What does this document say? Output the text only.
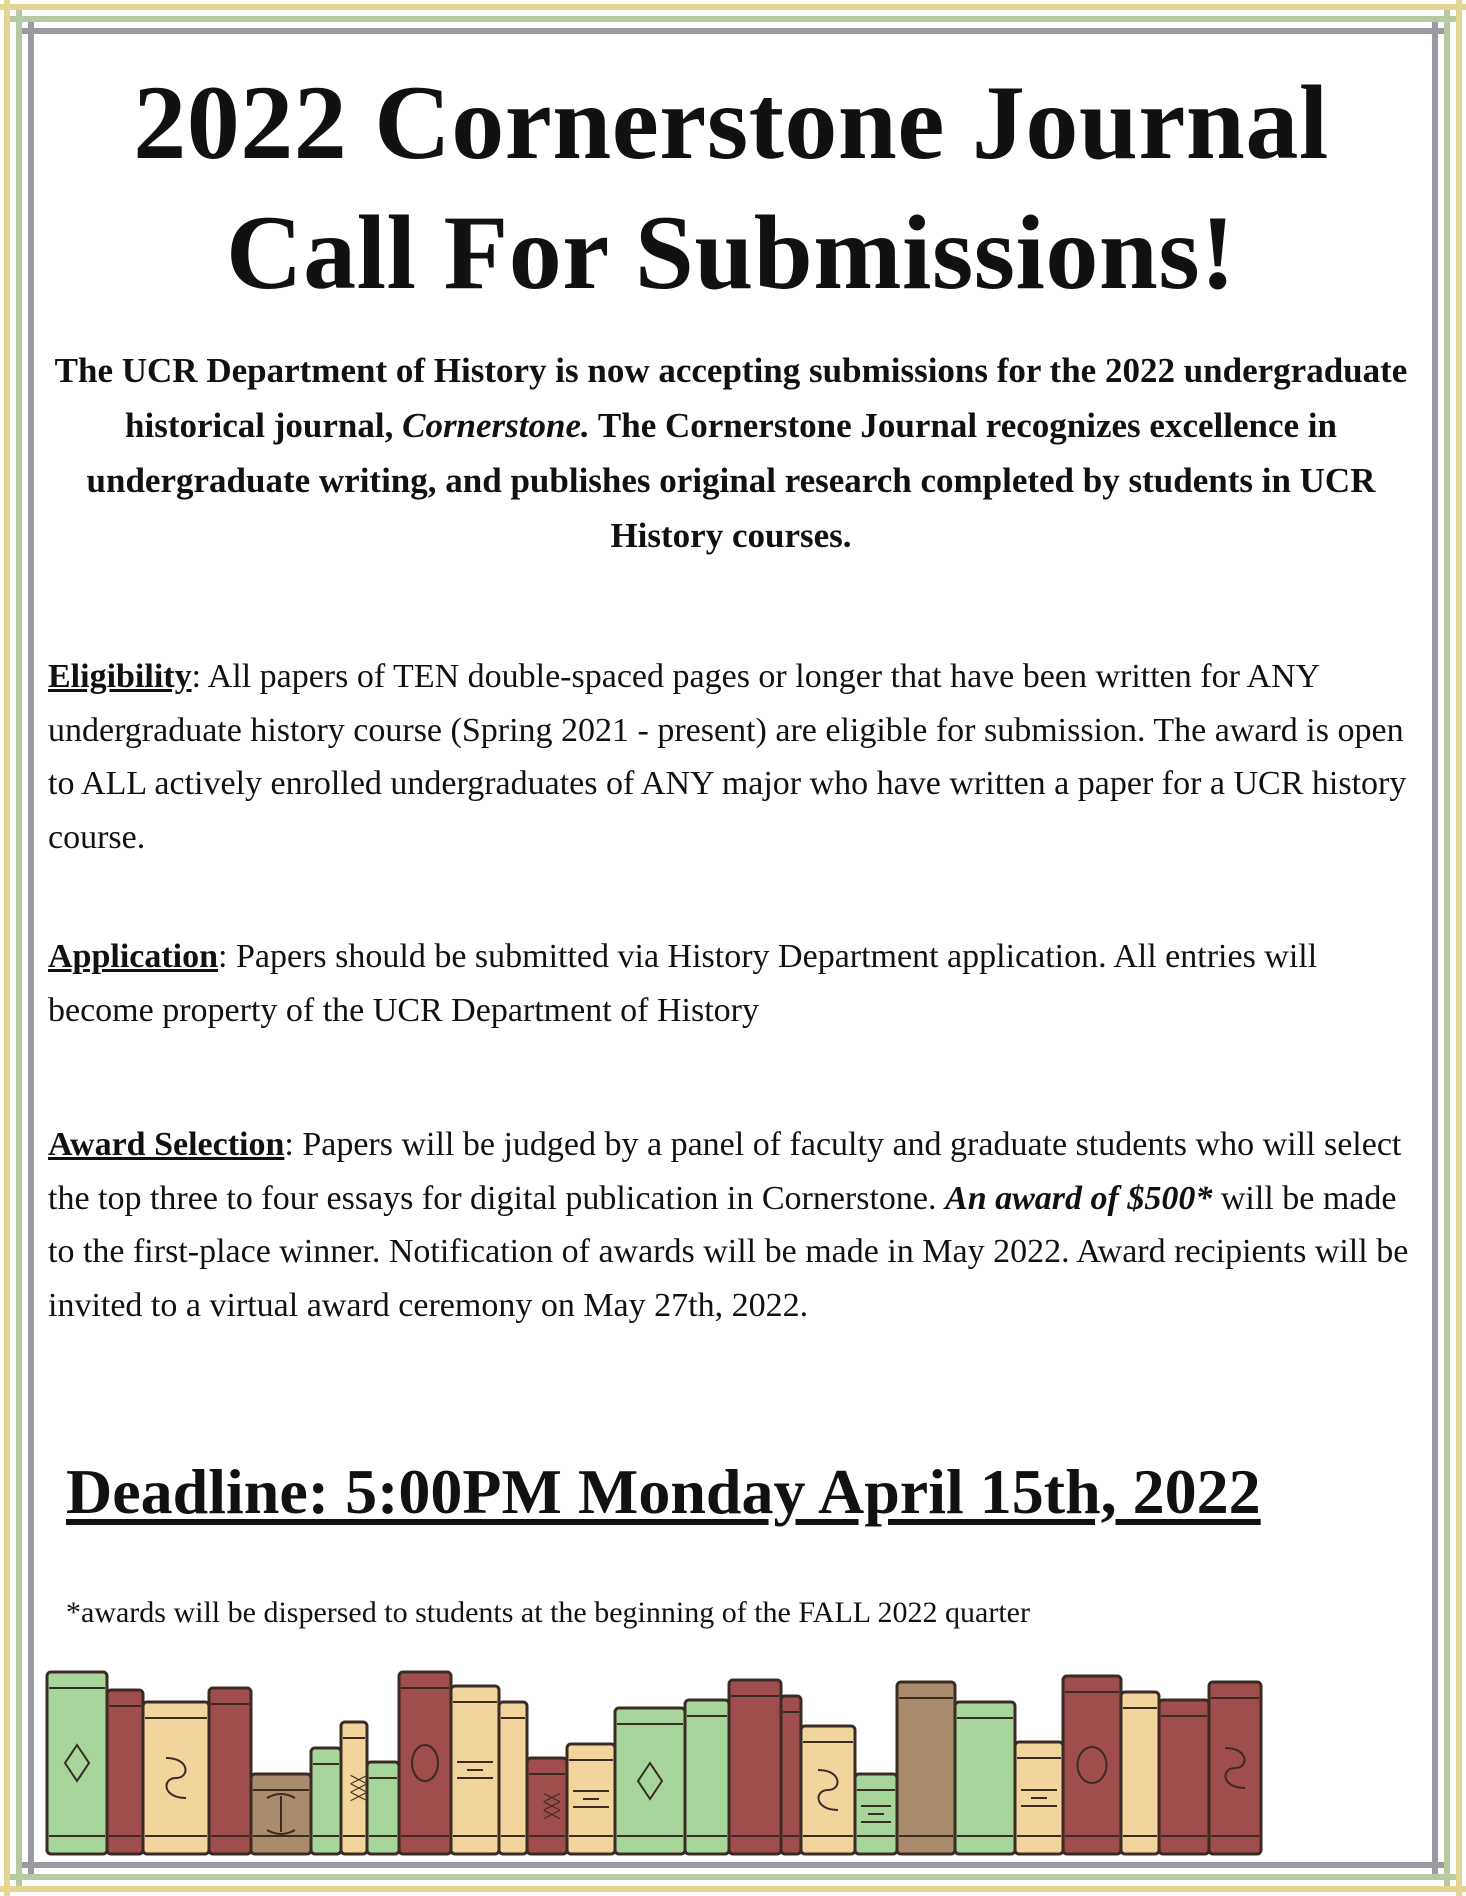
2022 Cornerstone Journal
Call For Submissions!

The UCR Department of History is now accepting submissions for the 2022 undergraduate historical journal, Cornerstone. The Cornerstone Journal recognizes excellence in undergraduate writing, and publishes original research completed by students in UCR History courses.

Eligibility: All papers of TEN double-spaced pages or longer that have been written for ANY undergraduate history course (Spring 2021 - present) are eligible for submission. The award is open to ALL actively enrolled undergraduates of ANY major who have written a paper for a UCR history course.

Application: Papers should be submitted via History Department application. All entries will become property of the UCR Department of History

Award Selection: Papers will be judged by a panel of faculty and graduate students who will select the top three to four essays for digital publication in Cornerstone. An award of $500* will be made to the first-place winner. Notification of awards will be made in May 2022. Award recipients will be invited to a virtual award ceremony on May 27th, 2022.

Deadline: 5:00PM Monday April 15th, 2022

*awards will be dispersed to students at the beginning of the FALL 2022 quarter

╳╳╳
╳╳╳
